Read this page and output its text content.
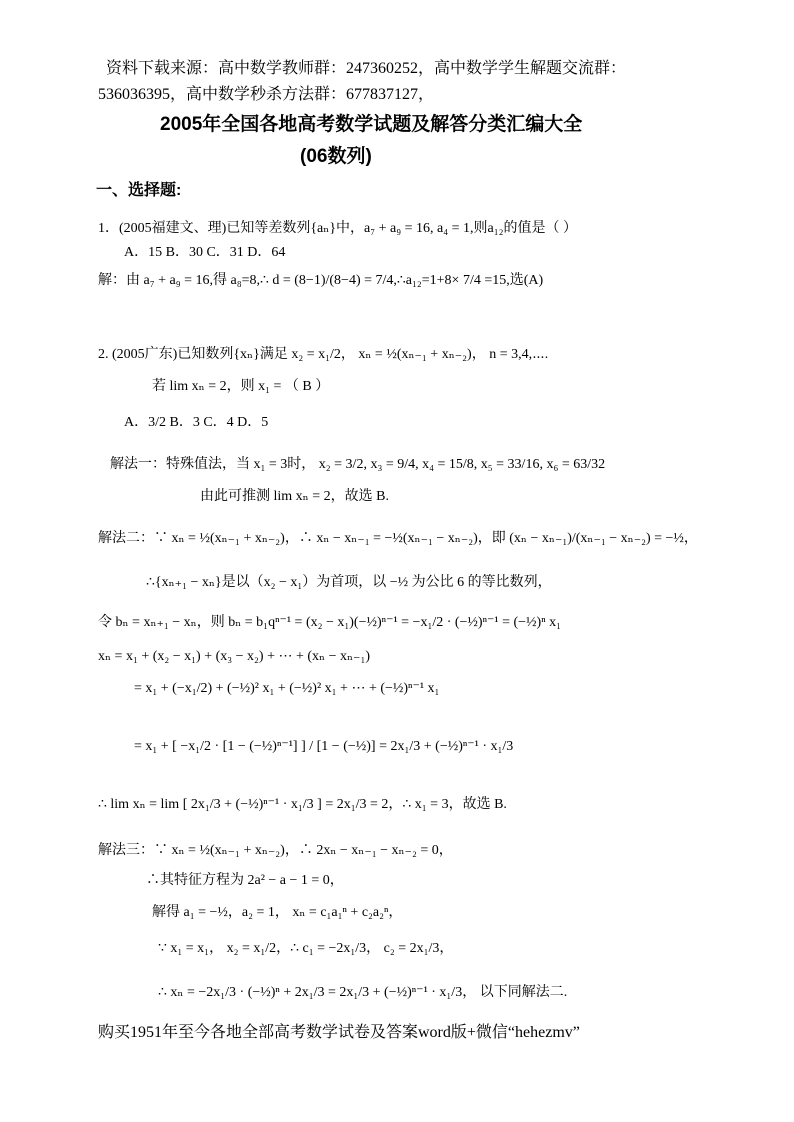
资料下载来源：高中数学教师群：247360252，高中数学学生解题交流群：
536036395，高中数学秒杀方法群：677837127，
2005年全国各地高考数学试题及解答分类汇编大全
(06数列)
一、选择题:
1．(2005福建文、理)已知等差数列{aₙ}中，a₇ + a₉ = 16, a₄ = 1,则a₁₂的值是（ ）
A．15 B．30 C．31 D．64
解：由 a₇ + a₉ = 16,得 a₈=8,∴ d = (8−1)/(8−4) = 7/4,∴a₁₂=1+8× 7/4 =15,选(A)
2. (2005广东)已知数列{xₙ}满足 x₂ = x₁/2， xₙ = ½(xₙ₋₁ + xₙ₋₂)， n = 3,4,⋯.
若 lim xₙ = 2，则 x₁ = （ B ）
A．3/2 B．3 C．4 D．5
解法一：特殊值法，当 x₁ = 3时， x₂ = 3/2, x₃ = 9/4, x₄ = 15/8, x₅ = 33/16, x₆ = 63/32
由此可推测 lim xₙ = 2，故选 B.
解法二：∵ xₙ = ½(xₙ₋₁ + xₙ₋₂)，∴ xₙ − xₙ₋₁ = −½(xₙ₋₁ − xₙ₋₂)，即 (xₙ − xₙ₋₁)/(xₙ₋₁ − xₙ₋₂) = −½，
∴{xₙ₊₁ − xₙ}是以（x₂ − x₁）为首项，以 −½ 为公比 6 的等比数列，
令 bₙ = xₙ₊₁ − xₙ，则 bₙ = b₁qⁿ⁻¹ = (x₂ − x₁)(−½)ⁿ⁻¹ = −x₁/2 · (−½)ⁿ⁻¹ = (−½)ⁿ x₁
xₙ = x₁ + (x₂ − x₁) + (x₃ − x₂) + ⋯ + (xₙ − xₙ₋₁)
= x₁ + (−x₁/2) + (−½)² x₁ + (−½)² x₁ + ⋯ + (−½)ⁿ⁻¹ x₁
= x₁ + [ −x₁/2 · [1 − (−½)ⁿ⁻¹] ] / [1 − (−½)] = 2x₁/3 + (−½)ⁿ⁻¹ · x₁/3
∴ lim xₙ = lim [ 2x₁/3 + (−½)ⁿ⁻¹ · x₁/3 ] = 2x₁/3 = 2，∴ x₁ = 3，故选 B.
解法三：∵ xₙ = ½(xₙ₋₁ + xₙ₋₂)，∴ 2xₙ − xₙ₋₁ − xₙ₋₂ = 0，
∴其特征方程为 2a² − a − 1 = 0，
解得 a₁ = −½，a₂ = 1， xₙ = c₁a₁ⁿ + c₂a₂ⁿ，
∵ x₁ = x₁， x₂ = x₁/2，∴ c₁ = −2x₁/3， c₂ = 2x₁/3，
∴ xₙ = −2x₁/3 · (−½)ⁿ + 2x₁/3 = 2x₁/3 + (−½)ⁿ⁻¹ · x₁/3， 以下同解法二.
购买1951年至今各地全部高考数学试卷及答案word版+微信“hehezmv”
